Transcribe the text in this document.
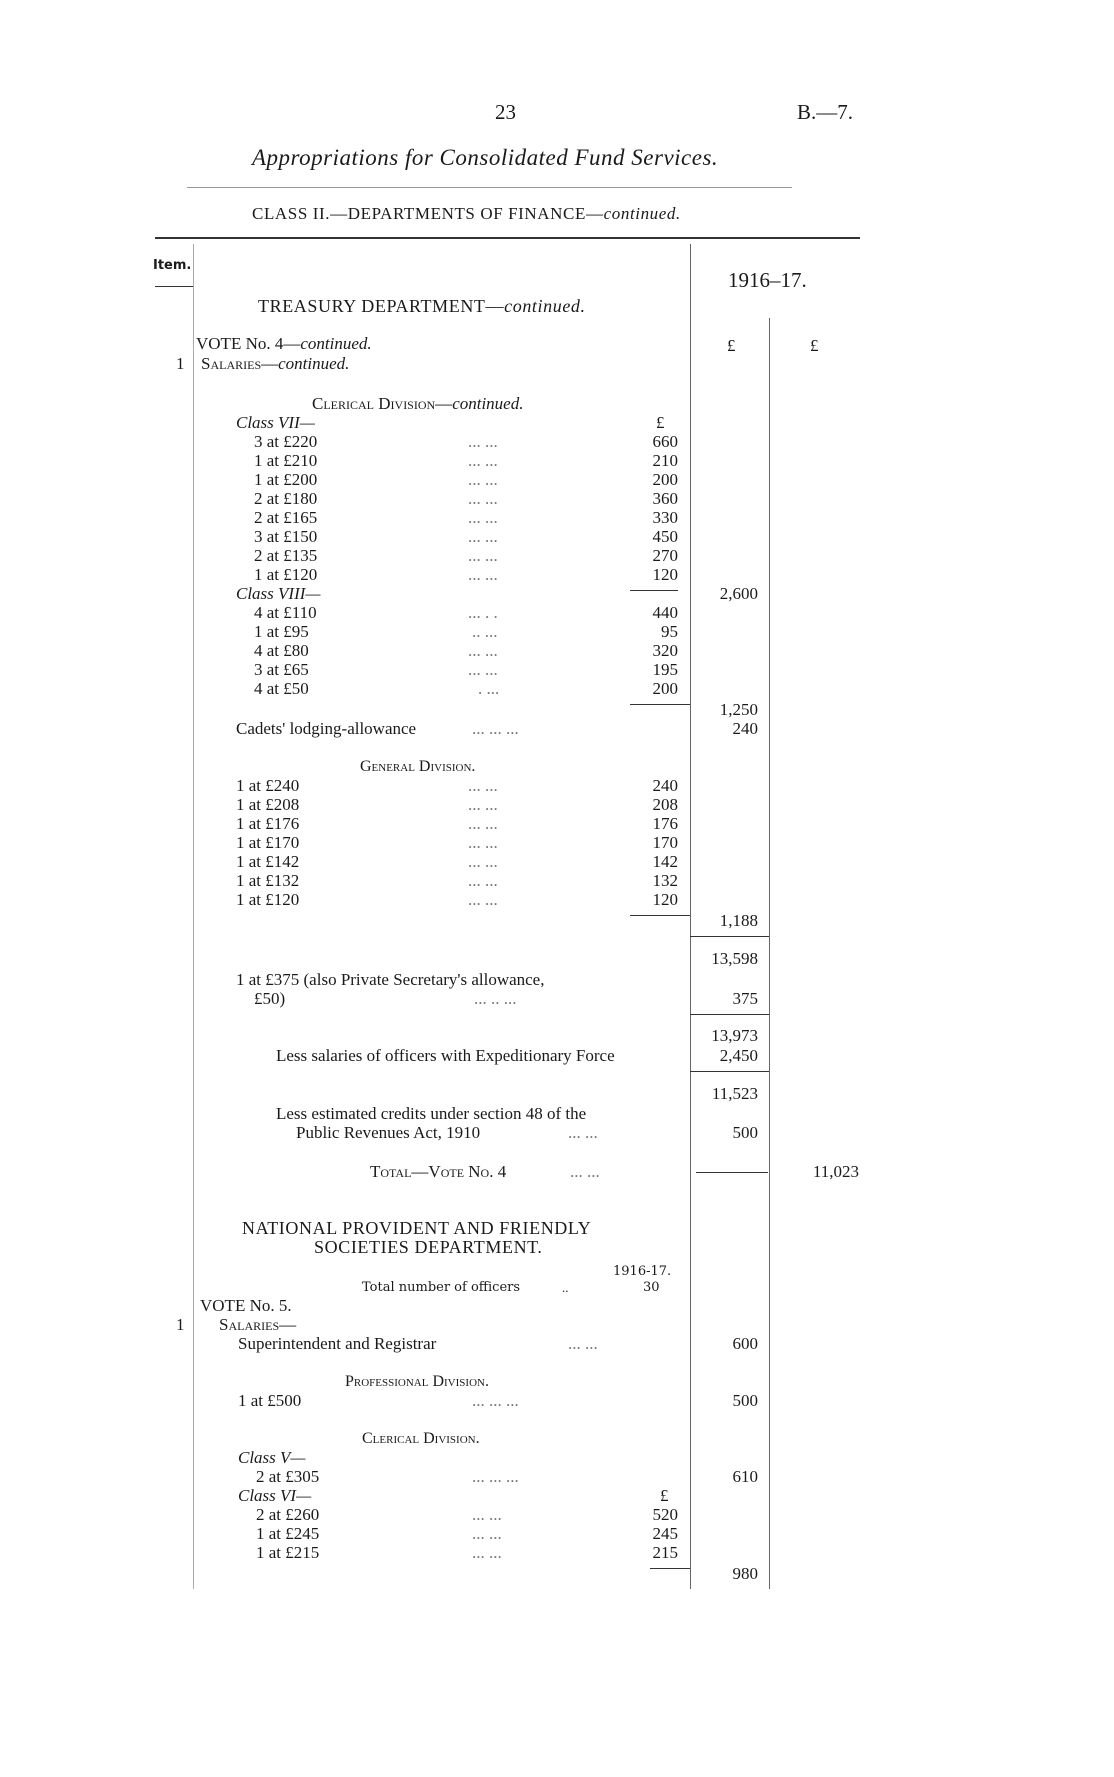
23	B.—7.
Appropriations for Consolidated Fund Services.
CLASS II.—DEPARTMENTS OF FINANCE—continued.
Item.
1916–17.
£	£
TREASURY DEPARTMENT—continued.
VOTE No. 4—continued.
1 Salaries—continued.
Clerical Division—continued.
£
Class VII—
3 at £220	... ...	660
1 at £210	... ...	210
1 at £200	... ...	200
2 at £180	... ...	360
2 at £165	... ...	330
3 at £150	... ...	450
2 at £135	... ...	270
1 at £120	... ...	120
Class VIII—	2,600
4 at £110	... . .	440
1 at £95	.. ...	95
4 at £80	... ...	320
3 at £65	... ...	195
4 at £50	. ...	200
1,250
Cadets' lodging-allowance	... ... ...	240
General Division.
1 at £240	... ...	240
1 at £208	... ...	208
1 at £176	... ...	176
1 at £170	... ...	170
1 at £142	... ...	142
1 at £132	... ...	132
1 at £120	... ...	120
1,188
13,598
1 at £375 (also Private Secretary's allowance,
£50)	... .. ...	375
13,973
Less salaries of officers with Expeditionary Force	2,450
11,523
Less estimated credits under section 48 of the
Public Revenues Act, 1910	... ...	500
Total—Vote No. 4	... ...	11,023
NATIONAL PROVIDENT AND FRIENDLY
SOCIETIES DEPARTMENT.
1916-17.
Total number of officers	..	30
VOTE No. 5.
1 Salaries—
Superintendent and Registrar	... ...	600
Professional Division.
1 at £500	... ... ...	500
Clerical Division.
Class V—
2 at £305	... ... ...	610
Class VI—	£
2 at £260	... ...	520
1 at £245	... ...	245
1 at £215	... ...	215
980
